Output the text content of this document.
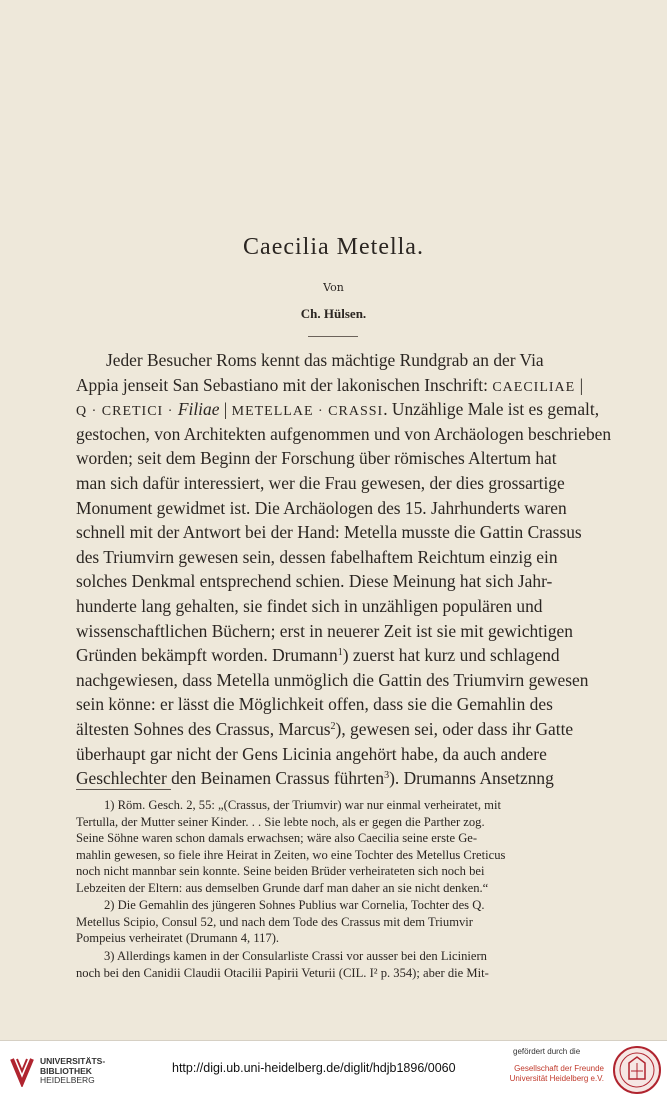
Caecilia Metella.
Von
Ch. Hülsen.
Jeder Besucher Roms kennt das mächtige Rundgrab an der Via
Appia jenseit San Sebastiano mit der lakonischen Inschrift: CAECILIAE |
Q · CRETICI · Filiae | METELLAE · CRASSI. Unzählige Male ist es gemalt,
gestochen, von Architekten aufgenommen und von Archäologen beschrieben
worden; seit dem Beginn der Forschung über römisches Altertum hat
man sich dafür interessiert, wer die Frau gewesen, der dies grossartige
Monument gewidmet ist. Die Archäologen des 15. Jahrhunderts waren
schnell mit der Antwort bei der Hand: Metella musste die Gattin Crassus
des Triumvirn gewesen sein, dessen fabelhaftem Reichtum einzig ein
solches Denkmal entsprechend schien. Diese Meinung hat sich Jahr-
hunderte lang gehalten, sie findet sich in unzähligen populären und
wissenschaftlichen Büchern; erst in neuerer Zeit ist sie mit gewichtigen
Gründen bekämpft worden. Drumann$^1$) zuerst hat kurz und schlagend
nachgewiesen, dass Metella unmöglich die Gattin des Triumvirn gewesen
sein könne: er lässt die Möglichkeit offen, dass sie die Gemahlin des
ältesten Sohnes des Crassus, Marcus$^2$), gewesen sei, oder dass ihr Gatte
überhaupt gar nicht der Gens Licinia angehört habe, da auch andere
Geschlechter den Beinamen Crassus führten$^3$). Drumanns Ansetznng
1) Röm. Gesch. 2, 55: „(Crassus, der Triumvir) war nur einmal verheiratet, mit
Tertulla, der Mutter seiner Kinder. . . Sie lebte noch, als er gegen die Parther zog.
Seine Söhne waren schon damals erwachsen; wäre also Caecilia seine erste Ge-
mahlin gewesen, so fiele ihre Heirat in Zeiten, wo eine Tochter des Metellus Creticus
noch nicht mannbar sein konnte. Seine beiden Brüder verheirateten sich noch bei
Lebzeiten der Eltern: aus demselben Grunde darf man daher an sie nicht denken.“
2) Die Gemahlin des jüngeren Sohnes Publius war Cornelia, Tochter des Q.
Metellus Scipio, Consul 52, und nach dem Tode des Crassus mit dem Triumvir
Pompeius verheiratet (Drumann 4, 117).
3) Allerdings kamen in der Consularliste Crassi vor ausser bei den Liciniern
noch bei den Canidii Claudii Otacilii Papirii Veturii (CIL. I² p. 354); aber die Mit-
UNIVERSITÄTS-
BIBLIOTHEK
HEIDELBERG
http://digi.ub.uni-heidelberg.de/diglit/hdjb1896/0060
gefördert durch die
Gesellschaft der Freunde
Universität Heidelberg e.V.
